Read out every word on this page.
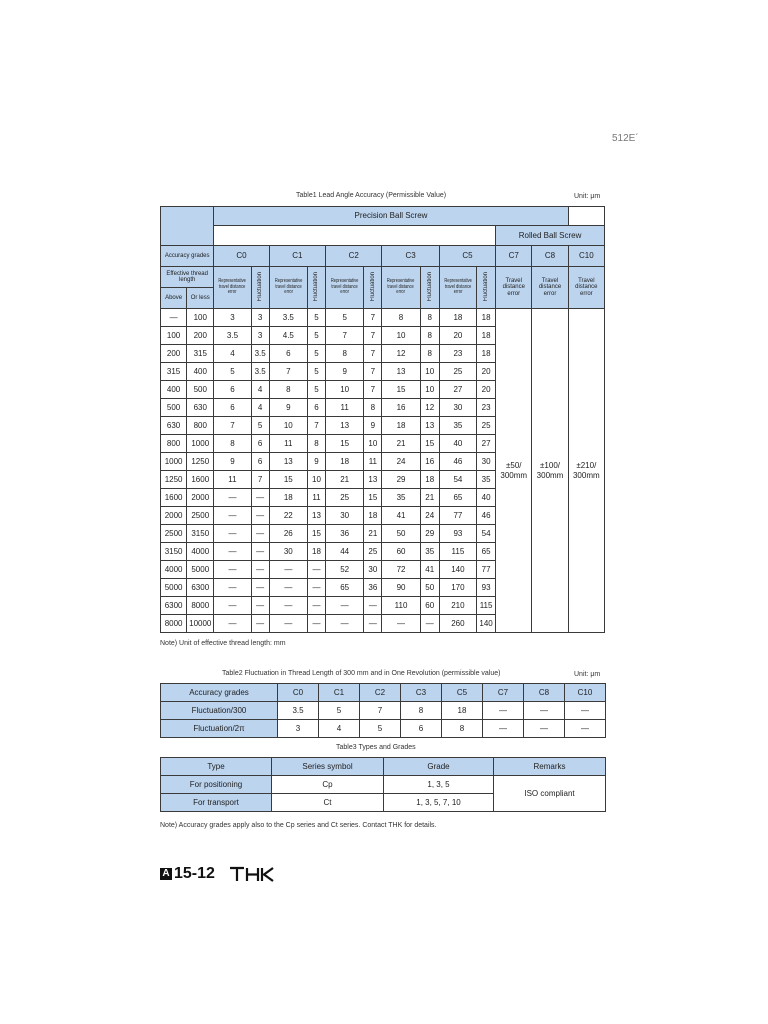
512E´
Table1 Lead Angle Accuracy (Permissible Value)	Unit: μm
		Precision Ball Screw												
												Rolled Ball Screw		
Accuracy grades		C0		C1		C2		C3		C5		C7	C8	C10
Effective thread length		Representative travel distance error	Fluctuation	Representative travel distance error	Fluctuation	Representative travel distance error	Fluctuation	Representative travel distance error	Fluctuation	Representative travel distance error	Fluctuation	Travel distance error	Travel distance error	Travel distance error
Above	Or less													
—	100	3	3	3.5	5	5	7	8	8	18	18	±50/ 300mm	±100/ 300mm	±210/ 300mm
100	200	3.5	3	4.5	5	7	7	10	8	20	18			
200	315	4	3.5	6	5	8	7	12	8	23	18			
315	400	5	3.5	7	5	9	7	13	10	25	20			
400	500	6	4	8	5	10	7	15	10	27	20			
500	630	6	4	9	6	11	8	16	12	30	23			
630	800	7	5	10	7	13	9	18	13	35	25			
800	1000	8	6	11	8	15	10	21	15	40	27			
1000	1250	9	6	13	9	18	11	24	16	46	30			
1250	1600	11	7	15	10	21	13	29	18	54	35			
1600	2000	—	—	18	11	25	15	35	21	65	40			
2000	2500	—	—	22	13	30	18	41	24	77	46			
2500	3150	—	—	26	15	36	21	50	29	93	54			
3150	4000	—	—	30	18	44	25	60	35	115	65			
4000	5000	—	—	—	—	52	30	72	41	140	77			
5000	6300	—	—	—	—	65	36	90	50	170	93			
6300	8000	—	—	—	—	—	—	110	60	210	115			
8000	10000	—	—	—	—	—	—	—	—	260	140			
Note) Unit of effective thread length: mm
Table2 Fluctuation in Thread Length of 300 mm and in One Revolution (permissible value)	Unit: μm
Accuracy grades	C0	C1	C2	C3	C5	C7	C8	C10
Fluctuation/300	3.5	5	7	8	18	—	—	—
Fluctuation/2π	3	4	5	6	8	—	—	—
Table3 Types and Grades
Type	Series symbol	Grade	Remarks
For positioning	Cp	1, 3, 5	ISO compliant
For transport	Ct	1, 3, 5, 7, 10	
Note) Accuracy grades apply also to the Cp series and Ct series. Contact THK for details.
A 15-12
